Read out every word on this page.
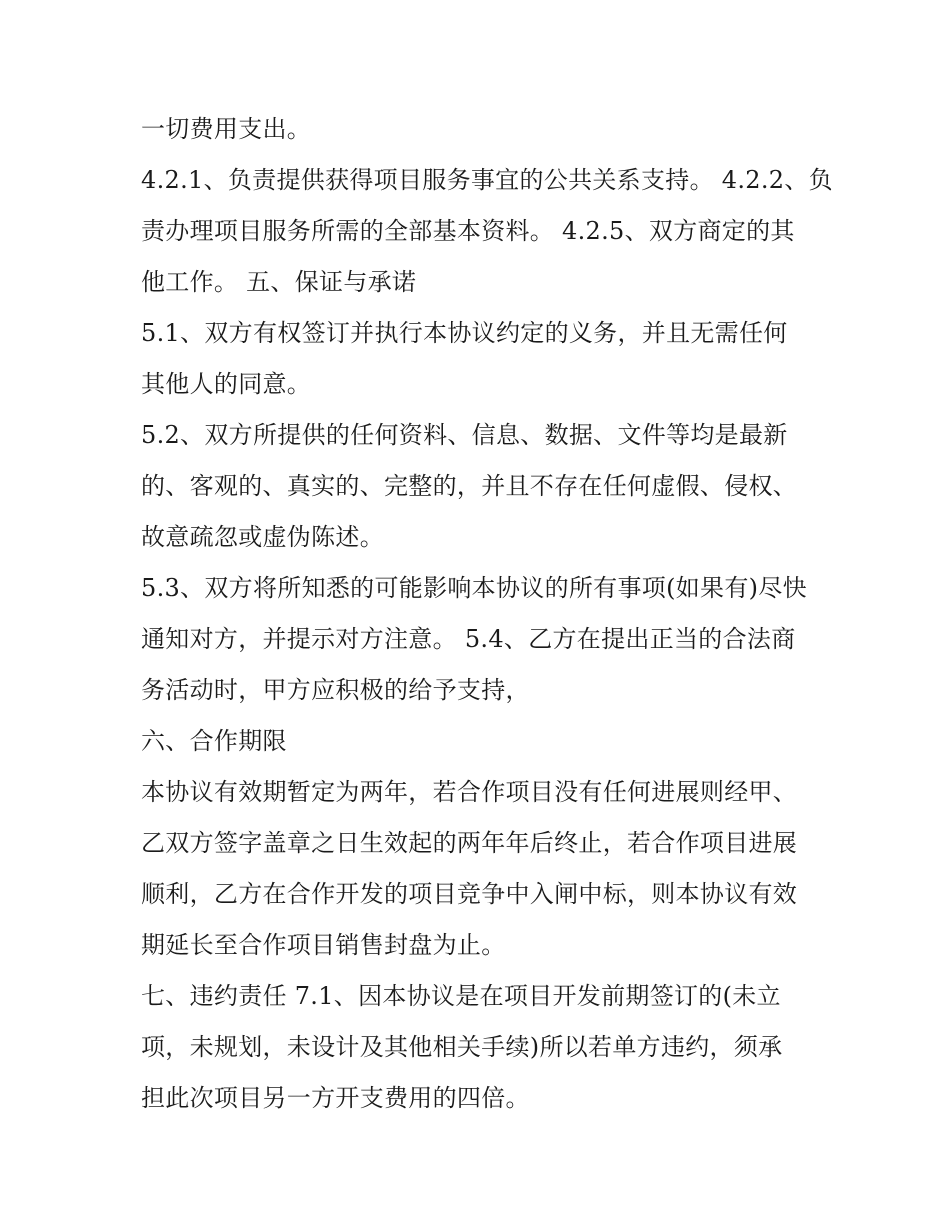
一切费用支出。
4.2.1、负责提供获得项目服务事宜的公共关系支持。 4.2.2、负
责办理项目服务所需的全部基本资料。 4.2.5、双方商定的其
他工作。 五、保证与承诺
5.1、双方有权签订并执行本协议约定的义务，并且无需任何
其他人的同意。
5.2、双方所提供的任何资料、信息、数据、文件等均是最新
的、客观的、真实的、完整的，并且不存在任何虚假、侵权、
故意疏忽或虚伪陈述。
5.3、双方将所知悉的可能影响本协议的所有事项(如果有)尽快
通知对方，并提示对方注意。 5.4、乙方在提出正当的合法商
务活动时，甲方应积极的给予支持，
六、合作期限
本协议有效期暂定为两年，若合作项目没有任何进展则经甲、
乙双方签字盖章之日生效起的两年年后终止，若合作项目进展
顺利，乙方在合作开发的项目竞争中入闸中标，则本协议有效
期延长至合作项目销售封盘为止。
七、违约责任 7.1、因本协议是在项目开发前期签订的(未立
项，未规划，未设计及其他相关手续)所以若单方违约，须承
担此次项目另一方开支费用的四倍。
